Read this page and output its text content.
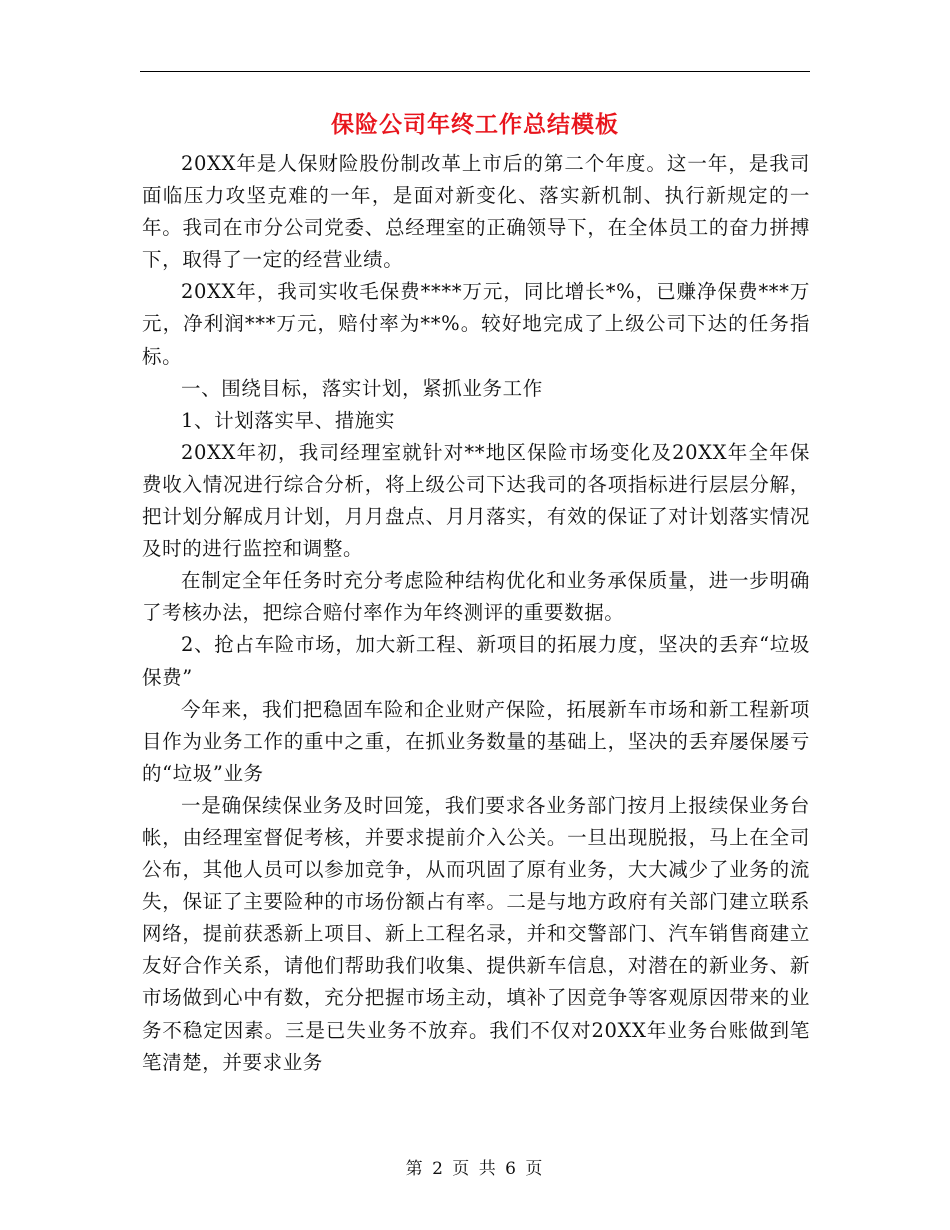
保险公司年终工作总结模板

20XX年是人保财险股份制改革上市后的第二个年度。这一年，是我司面临压力攻坚克难的一年，是面对新变化、落实新机制、执行新规定的一年。我司在市分公司党委、总经理室的正确领导下，在全体员工的奋力拼搏下，取得了一定的经营业绩。

20XX年，我司实收毛保费****万元，同比增长*%，已赚净保费***万元，净利润***万元，赔付率为**%。较好地完成了上级公司下达的任务指标。

一、围绕目标，落实计划，紧抓业务工作

1、计划落实早、措施实

20XX年初，我司经理室就针对**地区保险市场变化及20XX年全年保费收入情况进行综合分析，将上级公司下达我司的各项指标进行层层分解，把计划分解成月计划，月月盘点、月月落实，有效的保证了对计划落实情况及时的进行监控和调整。

在制定全年任务时充分考虑险种结构优化和业务承保质量，进一步明确了考核办法，把综合赔付率作为年终测评的重要数据。

2、抢占车险市场，加大新工程、新项目的拓展力度，坚决的丢弃“垃圾保费”

今年来，我们把稳固车险和企业财产保险，拓展新车市场和新工程新项目作为业务工作的重中之重，在抓业务数量的基础上，坚决的丢弃屡保屡亏的“垃圾”业务

一是确保续保业务及时回笼，我们要求各业务部门按月上报续保业务台帐，由经理室督促考核，并要求提前介入公关。一旦出现脱报，马上在全司公布，其他人员可以参加竞争，从而巩固了原有业务，大大减少了业务的流失，保证了主要险种的市场份额占有率。二是与地方政府有关部门建立联系网络，提前获悉新上项目、新上工程名录，并和交警部门、汽车销售商建立友好合作关系，请他们帮助我们收集、提供新车信息，对潜在的新业务、新市场做到心中有数，充分把握市场主动，填补了因竞争等客观原因带来的业务不稳定因素。三是已失业务不放弃。我们不仅对20XX年业务台账做到笔笔清楚，并要求业务

第 2 页 共 6 页
